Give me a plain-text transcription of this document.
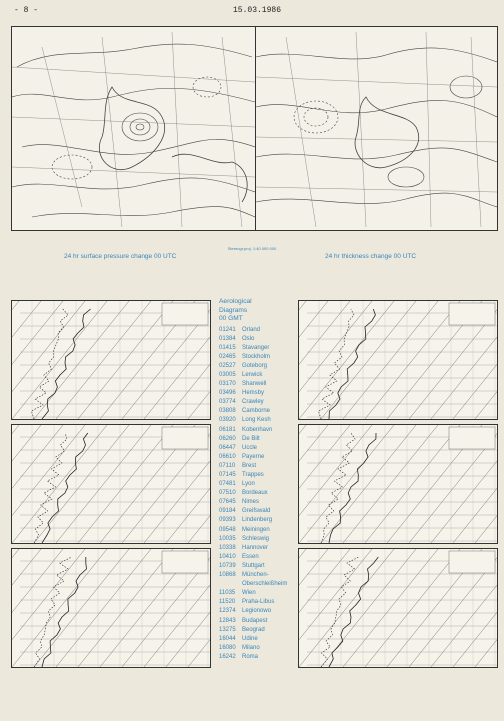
- 8 -	15.03.1986
Stereogr.proj. 1:40 000 000
24 hr surface pressure change 00 UTC	24 hr thickness change 00 UTC
Aerological
Diagrams
00 GMT
01241	Orland
01384	Oslo
01415	Stavanger
02465	Stockholm
02527	Goteborg
03005	Lerwick
03170	Shanwell
03496	Hemsby
03774	Crawley
03808	Camborne
03920	Long Kesh
06181	Kobenhavn
06260	De Bilt
06447	Uccle
06610	Payerne
07110	Brest
07145	Trappes
07481	Lyon
07510	Bordeaux
07645	Nimes
09184	Greifswald
09393	Lindenberg
09548	Meiningen
10035	Schleswig
10338	Hannover
10410	Essen
10739	Stuttgart
10868	München-
Oberschleißheim
11035	Wien
11520	Praha-Libus
12374	Legionowo
12843	Budapest
13275	Beograd
16044	Udine
16080	Milano
16242	Roma
